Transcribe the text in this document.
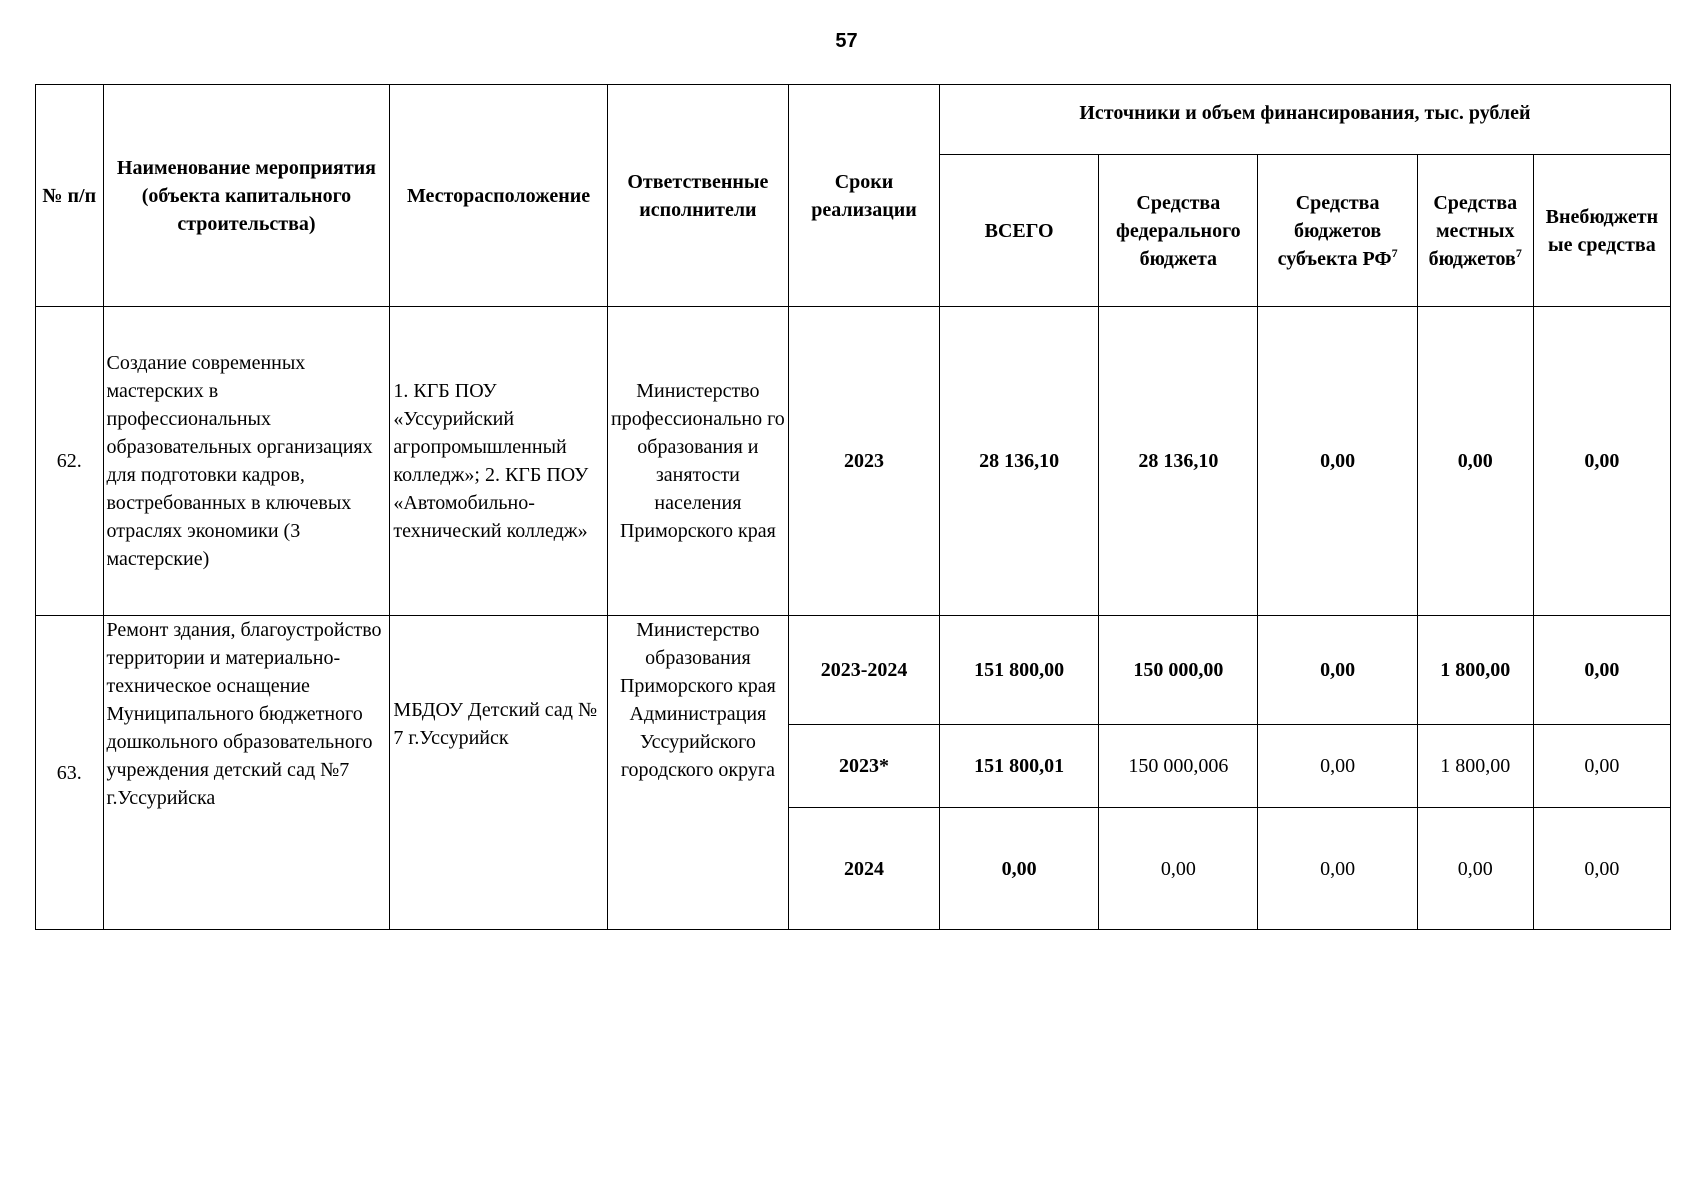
57
№ п/п	Наименование мероприятия (объекта капитального строительства)	Месторасположение	Ответственные исполнители	Сроки реализации	Источники и объем финансирования, тыс. рублей				
					ВСЕГО	Средства федерального бюджета	Средства бюджетов субъекта $РФ^7$	Средства местных бюджетов$^7$	Внебюджетн ые средства
62.	Создание современных мастерских в профессиональных образовательных организациях для подготовки кадров, востребованных в ключевых отраслях экономики (3 мастерские)	1. КГБ ПОУ «Уссурийский агропромышленный колледж»; 2. КГБ ПОУ «Автомобильно-технический колледж»	Министерство профессионально го образования и занятости населения Приморского края	2023	28 136,10	28 136,10	0,00	0,00	0,00
63.	Ремонт здания, благоустройство территории и материально-техническое оснащение Муниципального бюджетного дошкольного образовательного учреждения детский сад №7 г.Уссурийска	МБДОУ Детский сад № 7 г.Уссурийск	Министерство образования Приморского края Администрация Уссурийского городского округа	2023-2024	151 800,00	150 000,00	0,00	1 800,00	0,00
				2023*	151 800,01	150 000,006	0,00	1 800,00	0,00
				2024	0,00	0,00	0,00	0,00	0,00
